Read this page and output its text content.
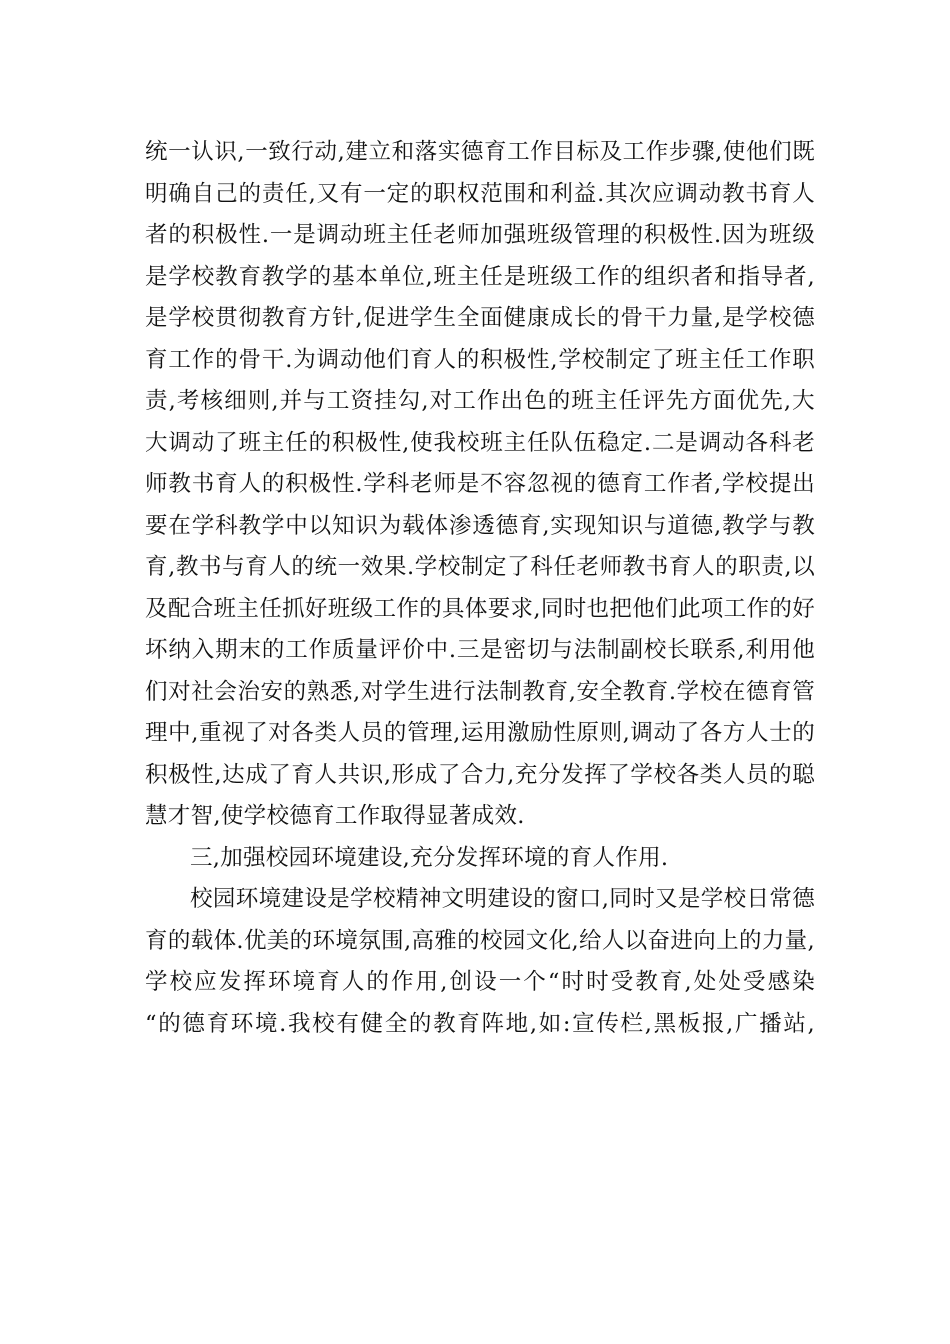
统一认识,一致行动,建立和落实德育工作目标及工作步骤,使他们既
明确自己的责任,又有一定的职权范围和利益.其次应调动教书育人
者的积极性.一是调动班主任老师加强班级管理的积极性.因为班级
是学校教育教学的基本单位,班主任是班级工作的组织者和指导者,
是学校贯彻教育方针,促进学生全面健康成长的骨干力量,是学校德
育工作的骨干.为调动他们育人的积极性,学校制定了班主任工作职
责,考核细则,并与工资挂勾,对工作出色的班主任评先方面优先,大
大调动了班主任的积极性,使我校班主任队伍稳定.二是调动各科老
师教书育人的积极性.学科老师是不容忽视的德育工作者,学校提出
要在学科教学中以知识为载体渗透德育,实现知识与道德,教学与教
育,教书与育人的统一效果.学校制定了科任老师教书育人的职责,以
及配合班主任抓好班级工作的具体要求,同时也把他们此项工作的好
坏纳入期末的工作质量评价中.三是密切与法制副校长联系,利用他
们对社会治安的熟悉,对学生进行法制教育,安全教育.学校在德育管
理中,重视了对各类人员的管理,运用激励性原则,调动了各方人士的
积极性,达成了育人共识,形成了合力,充分发挥了学校各类人员的聪
慧才智,使学校德育工作取得显著成效.
三,加强校园环境建设,充分发挥环境的育人作用.
校园环境建设是学校精神文明建设的窗口,同时又是学校日常德
育的载体.优美的环境氛围,高雅的校园文化,给人以奋进向上的力量,
学校应发挥环境育人的作用,创设一个“时时受教育,处处受感染
“的德育环境.我校有健全的教育阵地,如:宣传栏,黑板报,广播站,
